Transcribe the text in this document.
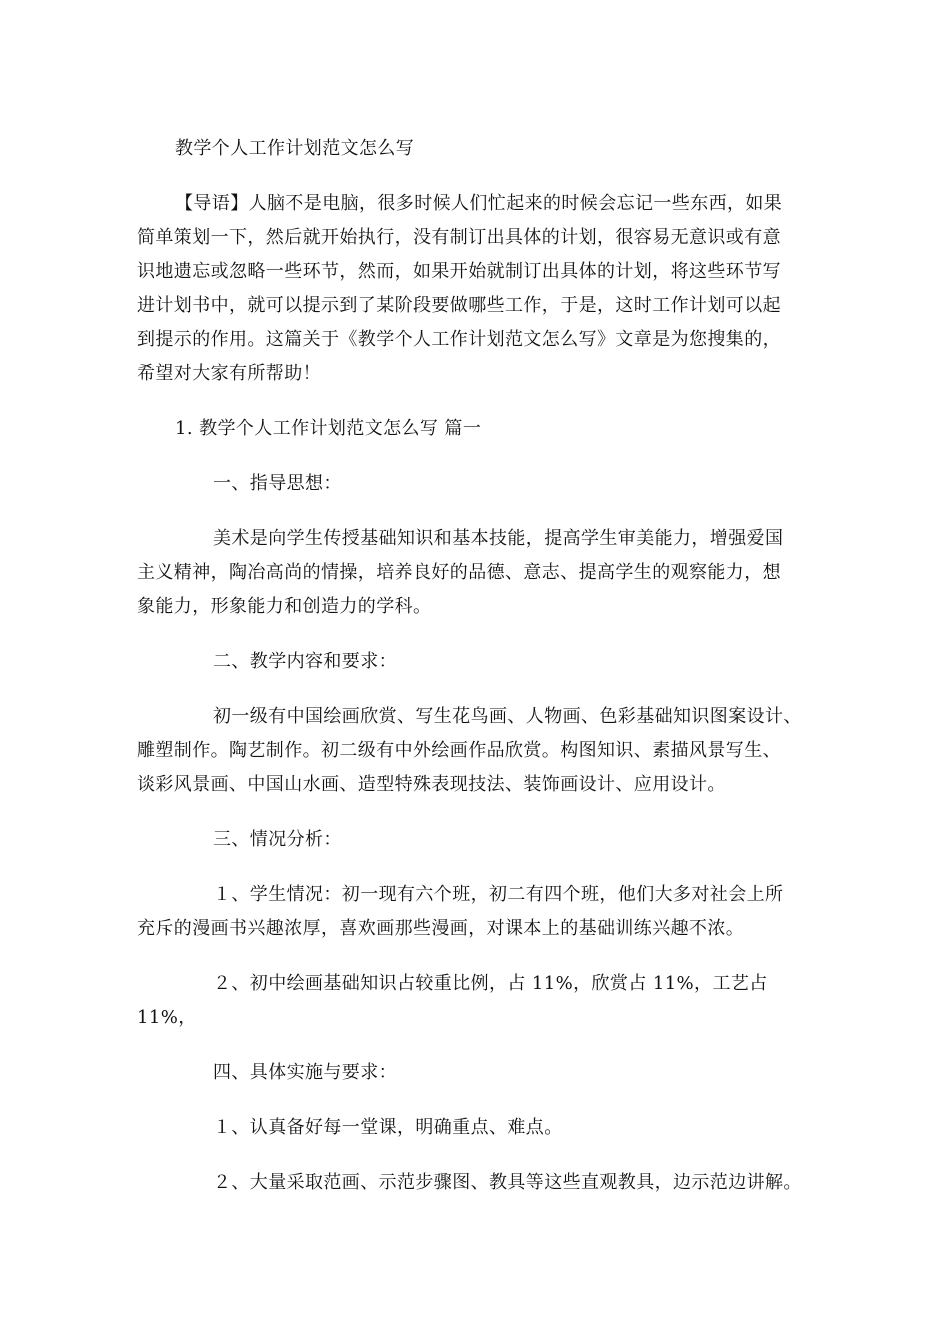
教学个人工作计划范文怎么写
【导语】人脑不是电脑，很多时候人们忙起来的时候会忘记一些东西，如果
简单策划一下，然后就开始执行，没有制订出具体的计划，很容易无意识或有意
识地遗忘或忽略一些环节，然而，如果开始就制订出具体的计划，将这些环节写
进计划书中，就可以提示到了某阶段要做哪些工作，于是，这时工作计划可以起
到提示的作用。这篇关于《教学个人工作计划范文怎么写》文章是为您搜集的，
希望对大家有所帮助！
1. 教学个人工作计划范文怎么写 篇一
一、指导思想：
美术是向学生传授基础知识和基本技能，提高学生审美能力，增强爱国
主义精神，陶冶高尚的情操，培养良好的品德、意志、提高学生的观察能力，想
象能力，形象能力和创造力的学科。
二、教学内容和要求：
初一级有中国绘画欣赏、写生花鸟画、人物画、色彩基础知识图案设计、
雕塑制作。陶艺制作。初二级有中外绘画作品欣赏。构图知识、素描风景写生、
谈彩风景画、中国山水画、造型特殊表现技法、装饰画设计、应用设计。
三、情况分析：
１、学生情况：初一现有六个班，初二有四个班，他们大多对社会上所
充斥的漫画书兴趣浓厚，喜欢画那些漫画，对课本上的基础训练兴趣不浓。
２、初中绘画基础知识占较重比例，占 11%，欣赏占 11%，工艺占
11%，
四、具体实施与要求：
１、认真备好每一堂课，明确重点、难点。
２、大量采取范画、示范步骤图、教具等这些直观教具，边示范边讲解。
